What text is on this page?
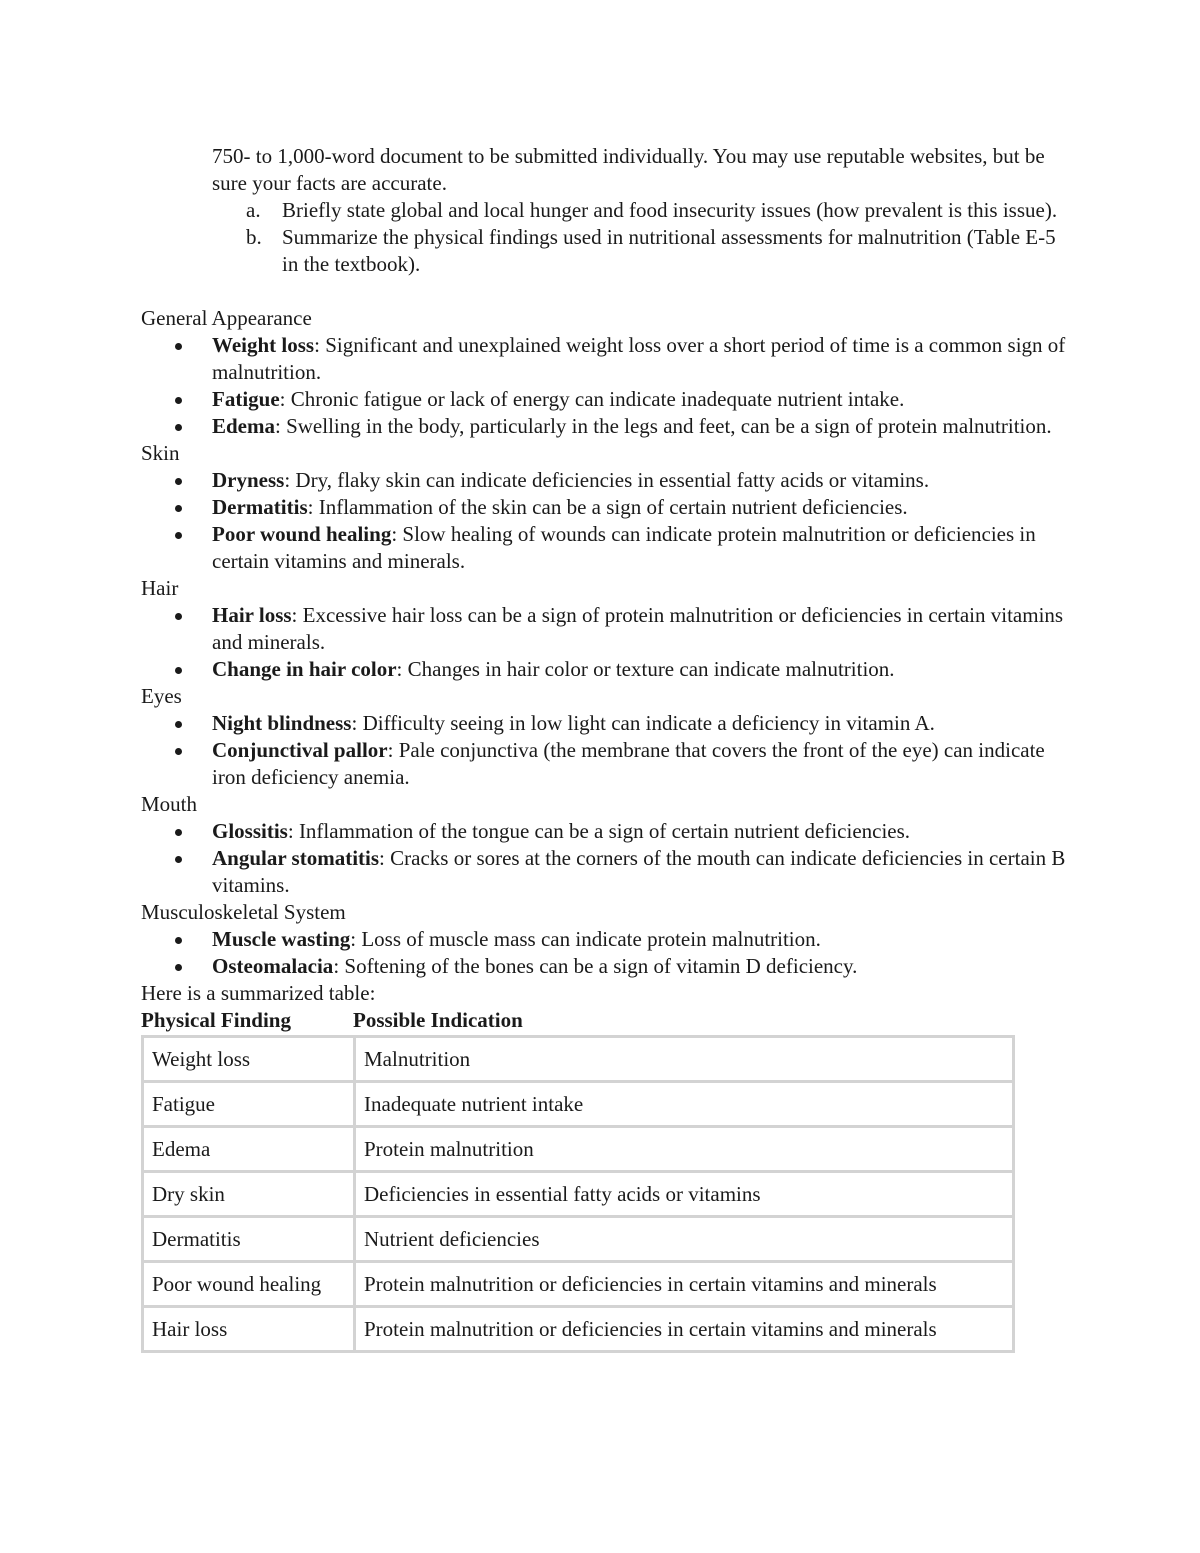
750- to 1,000-word document to be submitted individually. You may use reputable websites, but be sure your facts are accurate.

a. Briefly state global and local hunger and food insecurity issues (how prevalent is this issue).
b. Summarize the physical findings used in nutritional assessments for malnutrition (Table E-5 in the textbook).

General Appearance

Weight loss: Significant and unexplained weight loss over a short period of time is a common sign of malnutrition.
Fatigue: Chronic fatigue or lack of energy can indicate inadequate nutrient intake.
Edema: Swelling in the body, particularly in the legs and feet, can be a sign of protein malnutrition.

Skin

Dryness: Dry, flaky skin can indicate deficiencies in essential fatty acids or vitamins.
Dermatitis: Inflammation of the skin can be a sign of certain nutrient deficiencies.
Poor wound healing: Slow healing of wounds can indicate protein malnutrition or deficiencies in certain vitamins and minerals.

Hair

Hair loss: Excessive hair loss can be a sign of protein malnutrition or deficiencies in certain vitamins and minerals.
Change in hair color: Changes in hair color or texture can indicate malnutrition.

Eyes

Night blindness: Difficulty seeing in low light can indicate a deficiency in vitamin A.
Conjunctival pallor: Pale conjunctiva (the membrane that covers the front of the eye) can indicate iron deficiency anemia.

Mouth

Glossitis: Inflammation of the tongue can be a sign of certain nutrient deficiencies.
Angular stomatitis: Cracks or sores at the corners of the mouth can indicate deficiencies in certain B vitamins.

Musculoskeletal System

Muscle wasting: Loss of muscle mass can indicate protein malnutrition.
Osteomalacia: Softening of the bones can be a sign of vitamin D deficiency.

Here is a summarized table:

Physical Finding	Possible Indication
Weight loss	Malnutrition
Fatigue	Inadequate nutrient intake
Edema	Protein malnutrition
Dry skin	Deficiencies in essential fatty acids or vitamins
Dermatitis	Nutrient deficiencies
Poor wound healing	Protein malnutrition or deficiencies in certain vitamins and minerals
Hair loss	Protein malnutrition or deficiencies in certain vitamins and minerals
